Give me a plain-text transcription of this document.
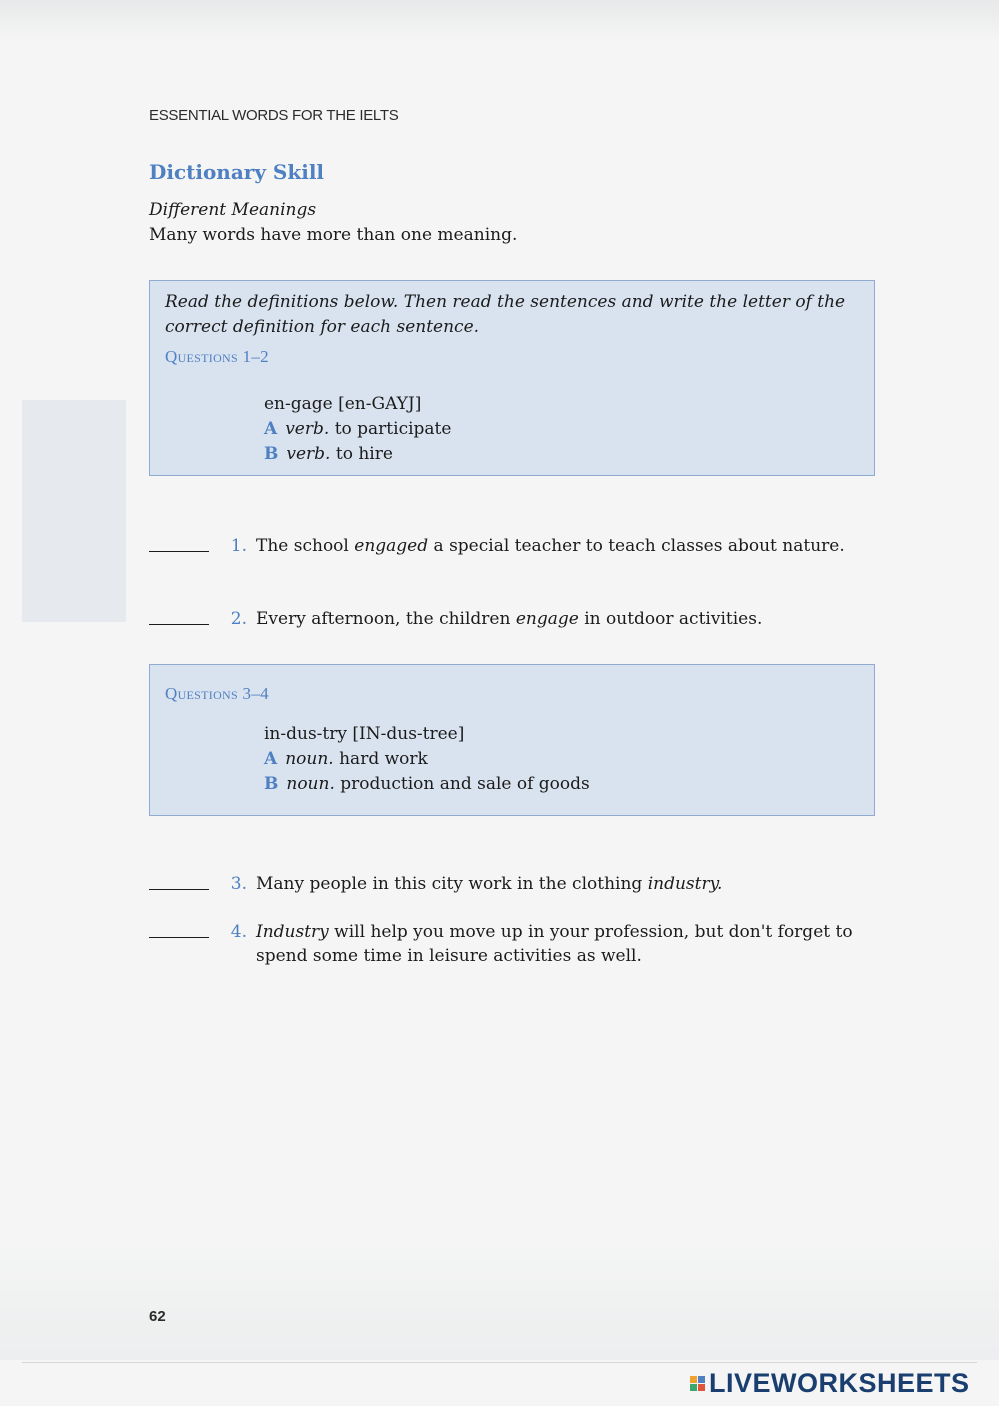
ESSENTIAL WORDS FOR THE IELTS
Dictionary Skill
Different Meanings
Many words have more than one meaning.
Read the definitions below. Then read the sentences and write the letter of the correct definition for each sentence.
Questions 1–2
en-gage [en-GAYJ]
A verb. to participate
B verb. to hire
1. The school engaged a special teacher to teach classes about nature.
2. Every afternoon, the children engage in outdoor activities.
Questions 3–4
in-dus-try [IN-dus-tree]
A noun. hard work
B noun. production and sale of goods
3. Many people in this city work in the clothing industry.
4. Industry will help you move up in your profession, but don't forget to spend some time in leisure activities as well.
62
LIVEWORKSHEETS
